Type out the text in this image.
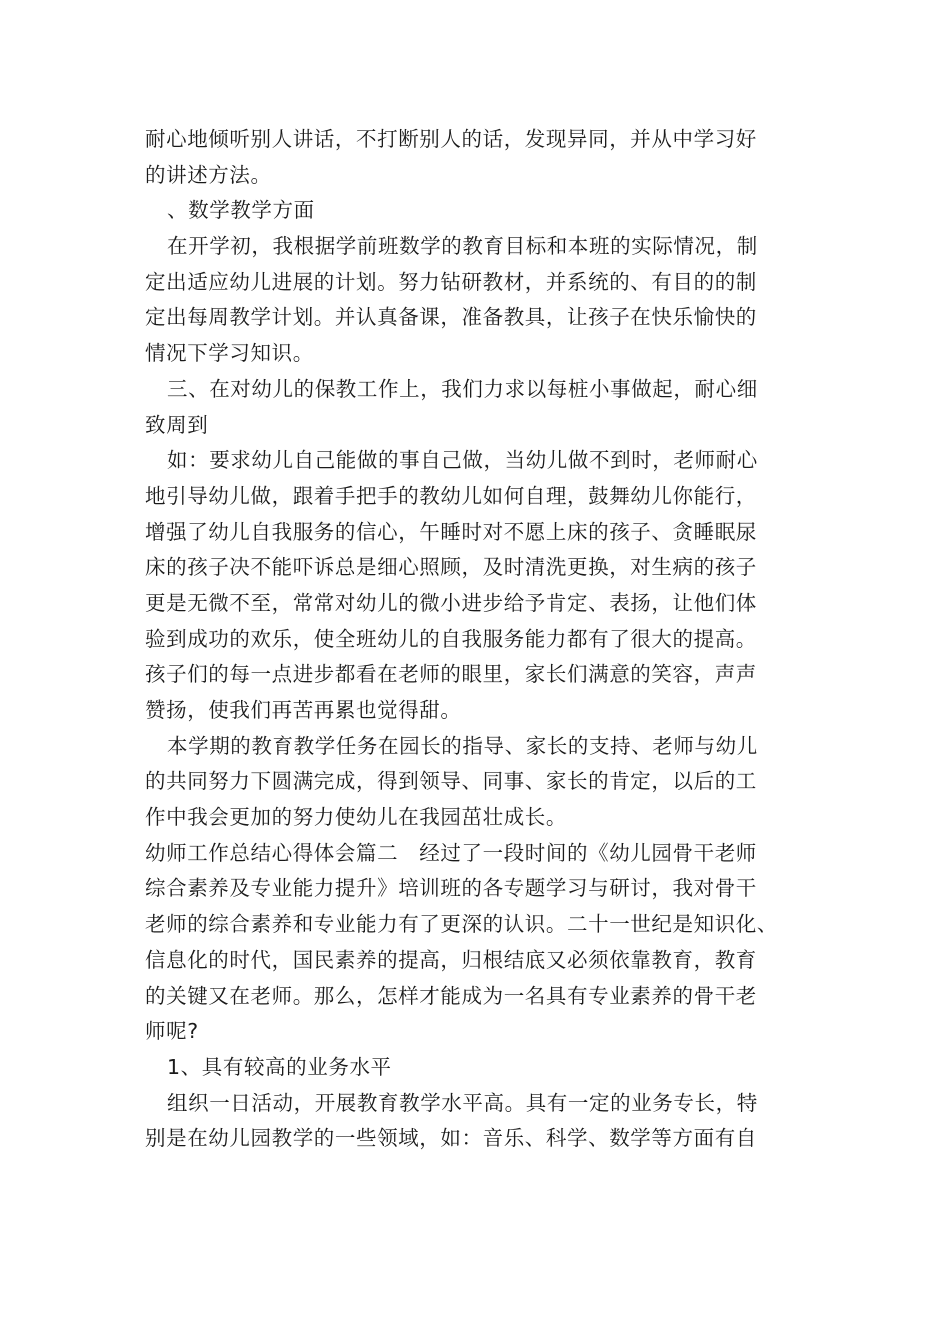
耐心地倾听别人讲话，不打断别人的话，发现异同，并从中学习好
的讲述方法。
、数学教学方面
在开学初，我根据学前班数学的教育目标和本班的实际情况，制
定出适应幼儿进展的计划。努力钻研教材，并系统的、有目的的制
定出每周教学计划。并认真备课，准备教具，让孩子在快乐愉快的
情况下学习知识。
三、在对幼儿的保教工作上，我们力求以每桩小事做起，耐心细
致周到
如：要求幼儿自己能做的事自己做，当幼儿做不到时，老师耐心
地引导幼儿做，跟着手把手的教幼儿如何自理，鼓舞幼儿你能行，
增强了幼儿自我服务的信心，午睡时对不愿上床的孩子、贪睡眠尿
床的孩子决不能吓诉总是细心照顾，及时清洗更换，对生病的孩子
更是无微不至，常常对幼儿的微小进步给予肯定、表扬，让他们体
验到成功的欢乐，使全班幼儿的自我服务能力都有了很大的提高。
孩子们的每一点进步都看在老师的眼里，家长们满意的笑容，声声
赞扬，使我们再苦再累也觉得甜。
本学期的教育教学任务在园长的指导、家长的支持、老师与幼儿
的共同努力下圆满完成，得到领导、同事、家长的肯定，以后的工
作中我会更加的努力使幼儿在我园茁壮成长。
幼师工作总结心得体会篇二　经过了一段时间的《幼儿园骨干老师
综合素养及专业能力提升》培训班的各专题学习与研讨，我对骨干
老师的综合素养和专业能力有了更深的认识。二十一世纪是知识化、
信息化的时代，国民素养的提高，归根结底又必须依靠教育，教育
的关键又在老师。那么，怎样才能成为一名具有专业素养的骨干老
师呢?
1、具有较高的业务水平
组织一日活动，开展教育教学水平高。具有一定的业务专长，特
别是在幼儿园教学的一些领域，如：音乐、科学、数学等方面有自
